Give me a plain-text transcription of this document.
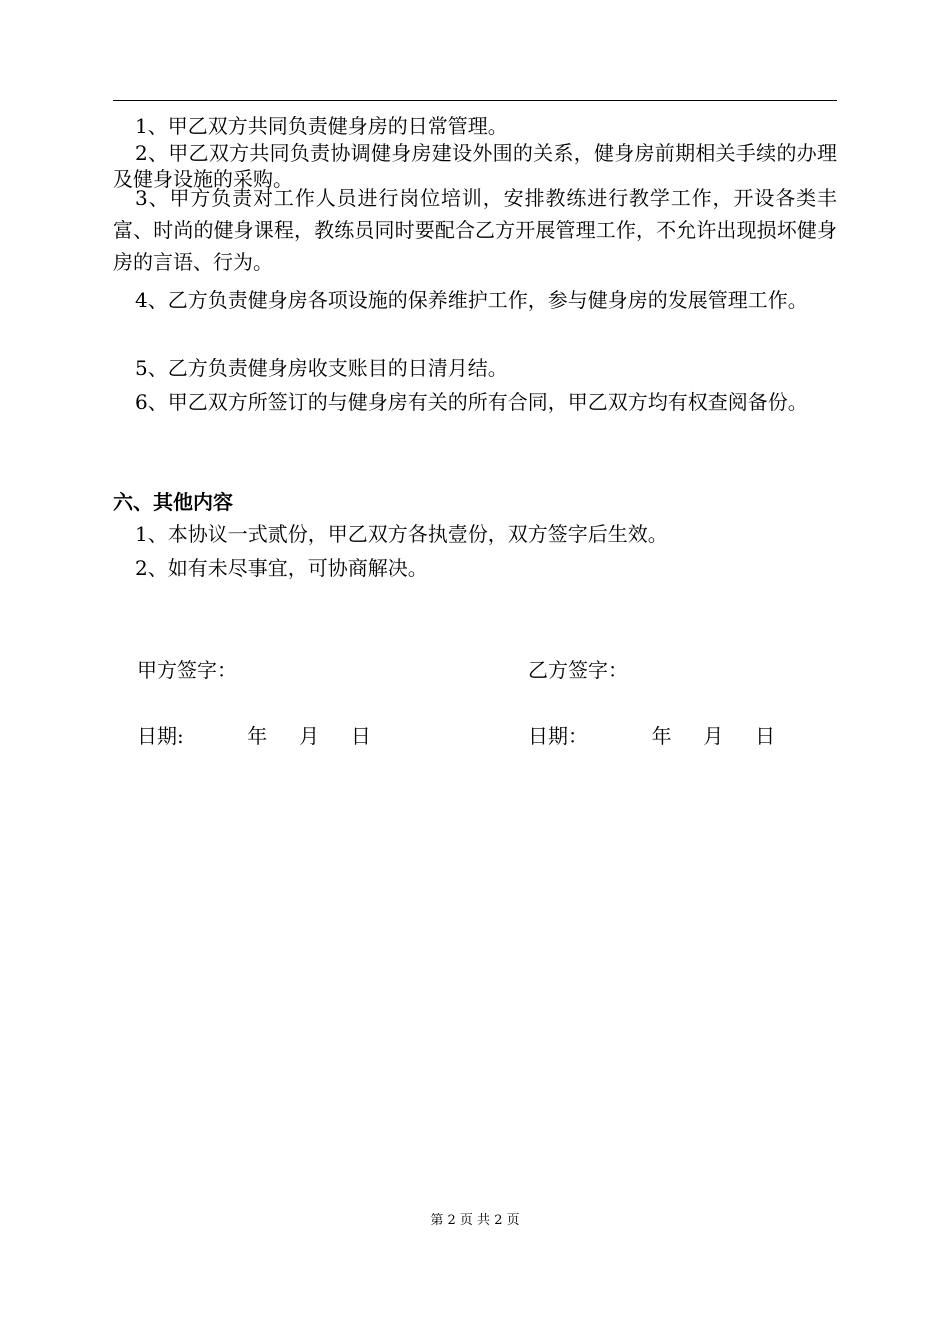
1、甲乙双方共同负责健身房的日常管理。

2、甲乙双方共同负责协调健身房建设外围的关系，健身房前期相关手续的办理及健身设施的采购。

3、甲方负责对工作人员进行岗位培训，安排教练进行教学工作，开设各类丰富、时尚的健身课程，教练员同时要配合乙方开展管理工作，不允许出现损坏健身房的言语、行为。

4、乙方负责健身房各项设施的保养维护工作，参与健身房的发展管理工作。

5、乙方负责健身房收支账目的日清月结。

6、甲乙双方所签订的与健身房有关的所有合同，甲乙双方均有权查阅备份。

六、其他内容

1、本协议一式贰份，甲乙双方各执壹份，双方签字后生效。

2、如有未尽事宜，可协商解决。

甲方签字：	乙方签字：
日期:          年     月     日	日期：          年     月     日
第 2 页 共 2 页
